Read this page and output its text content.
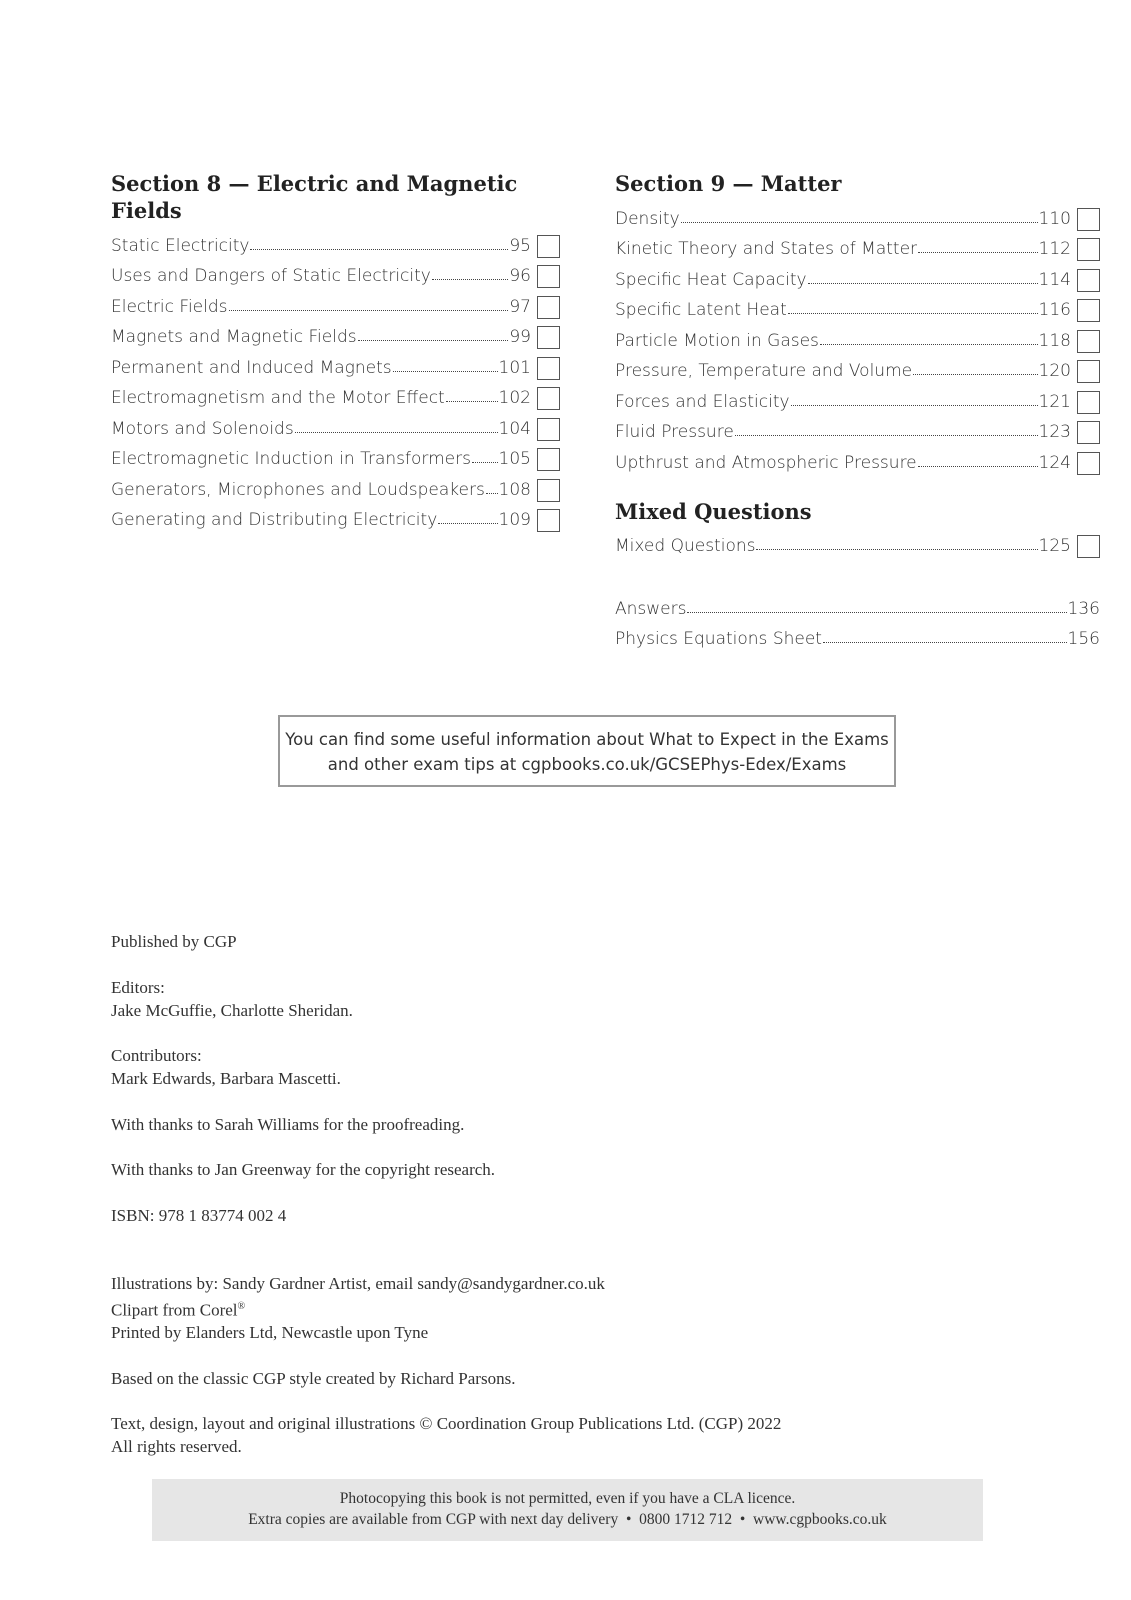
Section 8 — Electric and Magnetic Fields
Static Electricity	95
Uses and Dangers of Static Electricity	96
Electric Fields	97
Magnets and Magnetic Fields	99
Permanent and Induced Magnets	101
Electromagnetism and the Motor Effect	102
Motors and Solenoids	104
Electromagnetic Induction in Transformers 105
Generators, Microphones and Loudspeakers 108
Generating and Distributing Electricity	109
Section 9 — Matter
Density	110
Kinetic Theory and States of Matter	112
Specific Heat Capacity	114
Specific Latent Heat	116
Particle Motion in Gases	118
Pressure, Temperature and Volume	120
Forces and Elasticity	121
Fluid Pressure	123
Upthrust and Atmospheric Pressure	124
Mixed Questions
Mixed Questions	125
Answers	136
Physics Equations Sheet	156
You can find some useful information about What to Expect in the Exams
and other exam tips at cgpbooks.co.uk/GCSEPhys-Edex/Exams

Published by CGP

Editors:
Jake McGuffie, Charlotte Sheridan.

Contributors:
Mark Edwards, Barbara Mascetti.

With thanks to Sarah Williams for the proofreading.

With thanks to Jan Greenway for the copyright research.

ISBN: 978 1 83774 002 4

Illustrations by: Sandy Gardner Artist, email sandy@sandygardner.co.uk
Clipart from Corel®
Printed by Elanders Ltd, Newcastle upon Tyne

Based on the classic CGP style created by Richard Parsons.

Text, design, layout and original illustrations © Coordination Group Publications Ltd. (CGP) 2022
All rights reserved.

Photocopying this book is not permitted, even if you have a CLA licence.
Extra copies are available from CGP with next day delivery  •  0800 1712 712  •  www.cgpbooks.co.uk
